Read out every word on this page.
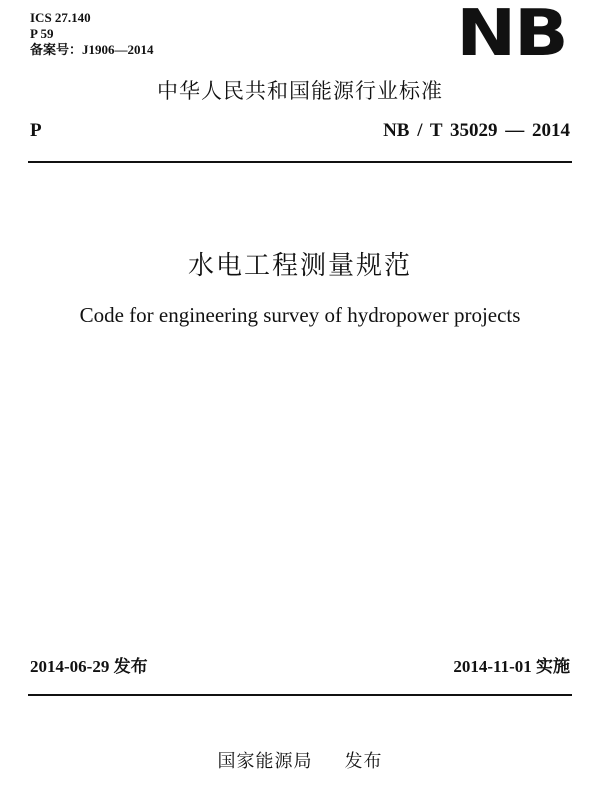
ICS 27.140
P 59
备案号：J1906—2014	NB
中华人民共和国能源行业标准
P	NB / T 35029 — 2014
水电工程测量规范
Code for engineering survey of hydropower projects
2014-06-29 发布	2014-11-01 实施
国家能源局 发布
